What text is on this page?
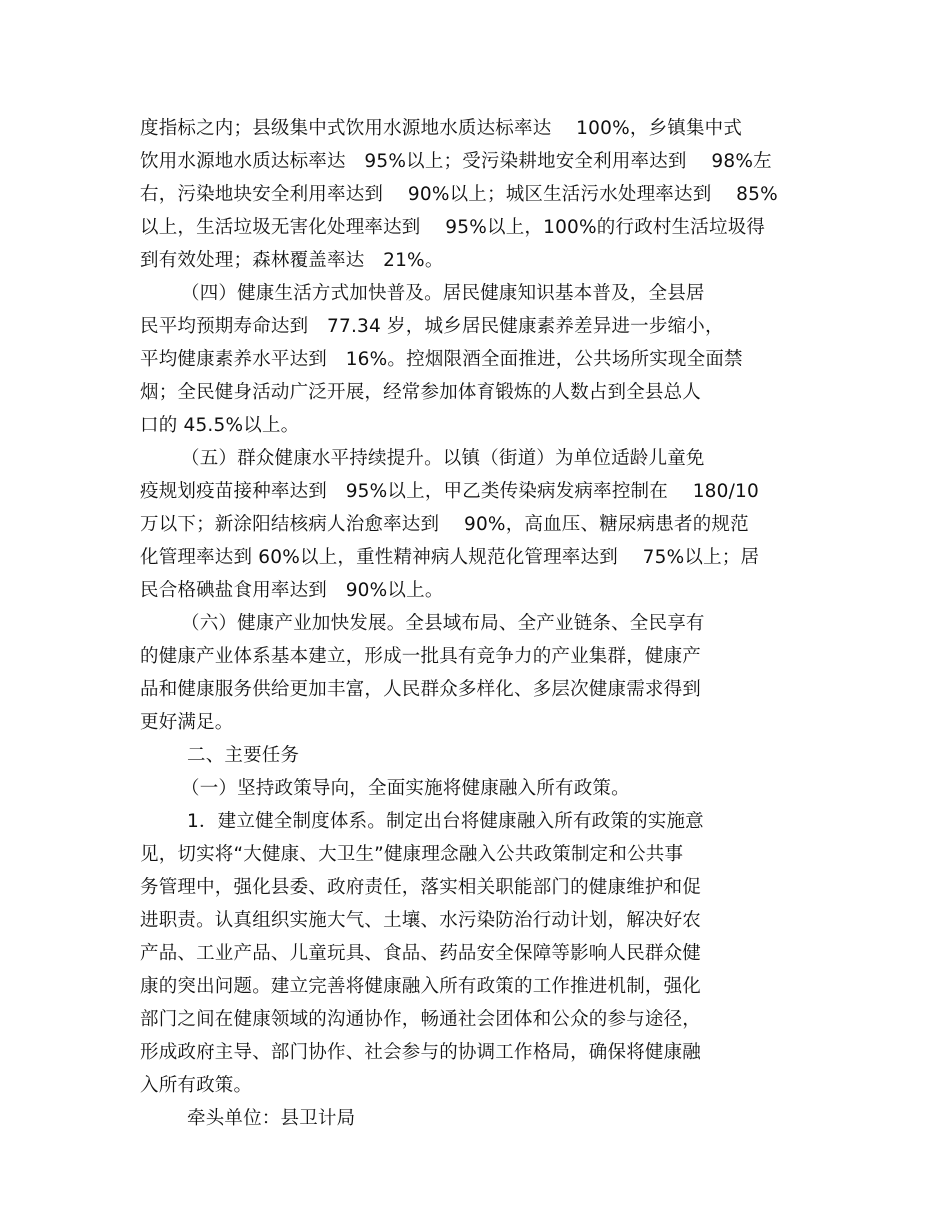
度指标之内；县级集中式饮用水源地水质达标率达　 100%，乡镇集中式
饮用水源地水质达标率达　95%以上；受污染耕地安全利用率达到　 98%左
右，污染地块安全利用率达到　 90%以上；城区生活污水处理率达到　 85%
以上，生活垃圾无害化处理率达到　 95%以上，100%的行政村生活垃圾得
到有效处理；森林覆盖率达　21%。
（四）健康生活方式加快普及。居民健康知识基本普及，全县居
民平均预期寿命达到　77.34 岁，城乡居民健康素养差异进一步缩小，
平均健康素养水平达到　16%。控烟限酒全面推进，公共场所实现全面禁
烟；全民健身活动广泛开展，经常参加体育锻炼的人数占到全县总人
口的 45.5%以上。
（五）群众健康水平持续提升。以镇（街道）为单位适龄儿童免
疫规划疫苗接种率达到　95%以上，甲乙类传染病发病率控制在　 180/10
万以下；新涂阳结核病人治愈率达到　 90%，高血压、糖尿病患者的规范
化管理率达到 60%以上，重性精神病人规范化管理率达到　 75%以上；居
民合格碘盐食用率达到　90%以上。
（六）健康产业加快发展。全县域布局、全产业链条、全民享有
的健康产业体系基本建立，形成一批具有竞争力的产业集群，健康产
品和健康服务供给更加丰富，人民群众多样化、多层次健康需求得到
更好满足。
二、主要任务
（一）坚持政策导向，全面实施将健康融入所有政策。
1．建立健全制度体系。制定出台将健康融入所有政策的实施意
见，切实将“大健康、大卫生”健康理念融入公共政策制定和公共事
务管理中，强化县委、政府责任，落实相关职能部门的健康维护和促
进职责。认真组织实施大气、土壤、水污染防治行动计划，解决好农
产品、工业产品、儿童玩具、食品、药品安全保障等影响人民群众健
康的突出问题。建立完善将健康融入所有政策的工作推进机制，强化
部门之间在健康领域的沟通协作，畅通社会团体和公众的参与途径，
形成政府主导、部门协作、社会参与的协调工作格局，确保将健康融
入所有政策。
牵头单位：县卫计局
